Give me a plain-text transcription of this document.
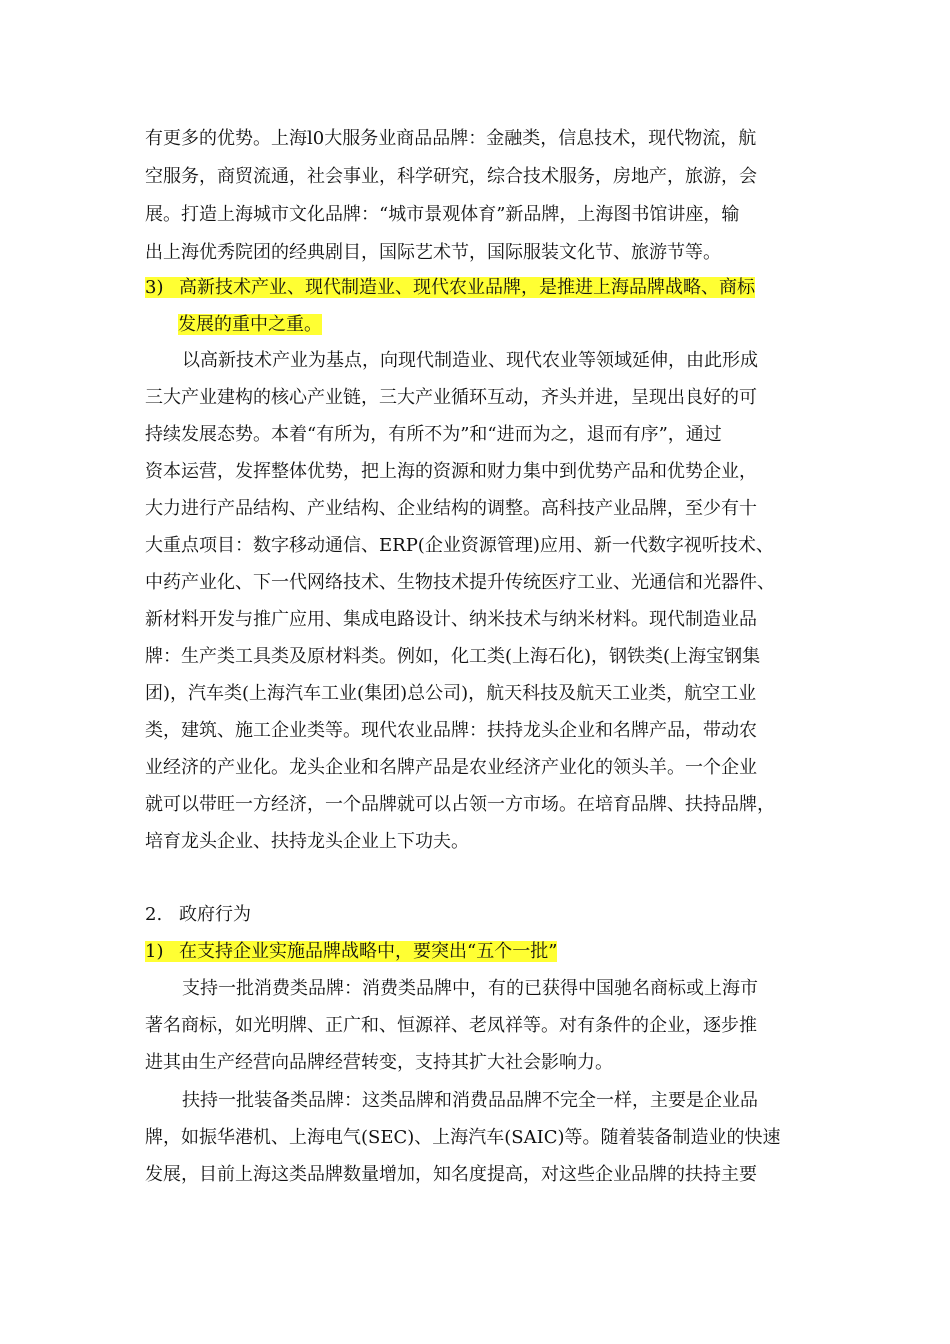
有更多的优势。上海l0大服务业商品品牌：金融类，信息技术，现代物流，航
空服务，商贸流通，社会事业，科学研究，综合技术服务，房地产，旅游，会
展。打造上海城市文化品牌：“城市景观体育”新品牌，上海图书馆讲座，输
出上海优秀院团的经典剧目，国际艺术节，国际服装文化节、旅游节等。
3) 高新技术产业、现代制造业、现代农业品牌，是推进上海品牌战略、商标
发展的重中之重。
以高新技术产业为基点，向现代制造业、现代农业等领域延伸，由此形成
三大产业建构的核心产业链，三大产业循环互动，齐头并进，呈现出良好的可
持续发展态势。本着“有所为，有所不为”和“进而为之，退而有序”，通过
资本运营，发挥整体优势，把上海的资源和财力集中到优势产品和优势企业，
大力进行产品结构、产业结构、企业结构的调整。高科技产业品牌，至少有十
大重点项目：数字移动通信、ERP(企业资源管理)应用、新一代数字视听技术、
中药产业化、下一代网络技术、生物技术提升传统医疗工业、光通信和光器件、
新材料开发与推广应用、集成电路设计、纳米技术与纳米材料。现代制造业品
牌：生产类工具类及原材料类。例如，化工类(上海石化)，钢铁类(上海宝钢集
团)，汽车类(上海汽车工业(集团)总公司)，航天科技及航天工业类，航空工业
类，建筑、施工企业类等。现代农业品牌：扶持龙头企业和名牌产品，带动农
业经济的产业化。龙头企业和名牌产品是农业经济产业化的领头羊。一个企业
就可以带旺一方经济，一个品牌就可以占领一方市场。在培育品牌、扶持品牌，
培育龙头企业、扶持龙头企业上下功夫。
2. 政府行为
1) 在支持企业实施品牌战略中，要突出“五个一批”
支持一批消费类品牌：消费类品牌中，有的已获得中国驰名商标或上海市
著名商标，如光明牌、正广和、恒源祥、老凤祥等。对有条件的企业，逐步推
进其由生产经营向品牌经营转变，支持其扩大社会影响力。
扶持一批装备类品牌：这类品牌和消费品品牌不完全一样，主要是企业品
牌，如振华港机、上海电气(SEC)、上海汽车(SAIC)等。随着装备制造业的快速
发展，目前上海这类品牌数量增加，知名度提高，对这些企业品牌的扶持主要
